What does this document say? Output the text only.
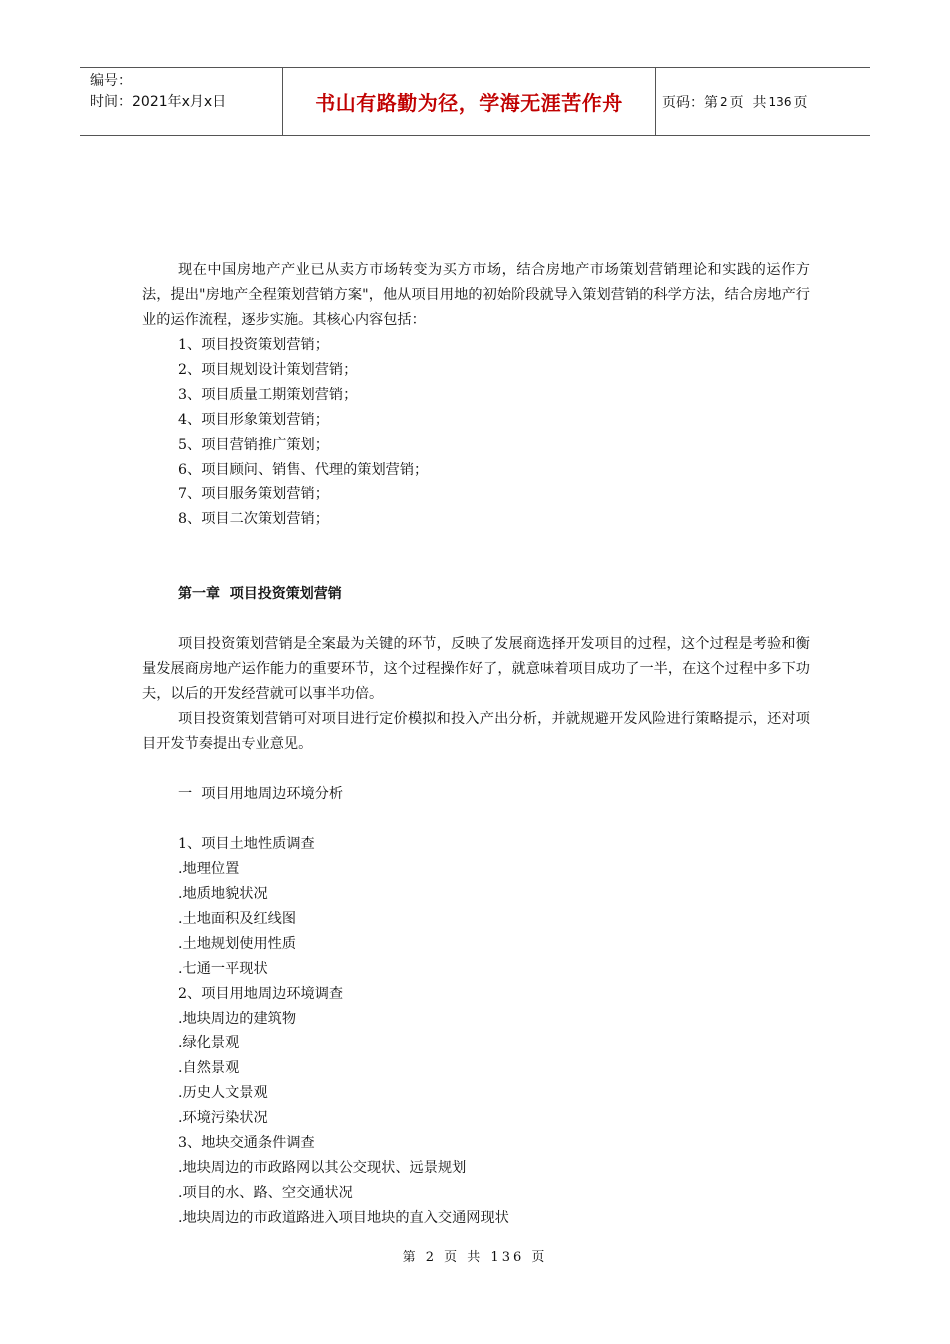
编号：
时间：2021年x月x日	书山有路勤为径，学海无涯苦作舟	页码：第 2 页  共 136 页

现在中国房地产产业已从卖方市场转变为买方市场，结合房地产市场策划营销理论和实践的运作方法，提出"房地产全程策划营销方案"，他从项目用地的初始阶段就导入策划营销的科学方法，结合房地产行业的运作流程，逐步实施。其核心内容包括：

1、项目投资策划营销；

2、项目规划设计策划营销；

3、项目质量工期策划营销；

4、项目形象策划营销；

5、项目营销推广策划；

6、项目顾问、销售、代理的策划营销；

7、项目服务策划营销；

8、项目二次策划营销；

第一章  项目投资策划营销

项目投资策划营销是全案最为关键的环节，反映了发展商选择开发项目的过程，这个过程是考验和衡量发展商房地产运作能力的重要环节，这个过程操作好了，就意味着项目成功了一半，在这个过程中多下功夫，以后的开发经营就可以事半功倍。

项目投资策划营销可对项目进行定价模拟和投入产出分析，并就规避开发风险进行策略提示，还对项目开发节奏提出专业意见。

一  项目用地周边环境分析

1、项目土地性质调查

.地理位置

.地质地貌状况

.土地面积及红线图

.土地规划使用性质

.七通一平现状

2、项目用地周边环境调查

.地块周边的建筑物

.绿化景观

.自然景观

.历史人文景观

.环境污染状况

3、地块交通条件调查

.地块周边的市政路网以其公交现状、远景规划

.项目的水、路、空交通状况

.地块周边的市政道路进入项目地块的直入交通网现状

第 2 页 共 136 页
